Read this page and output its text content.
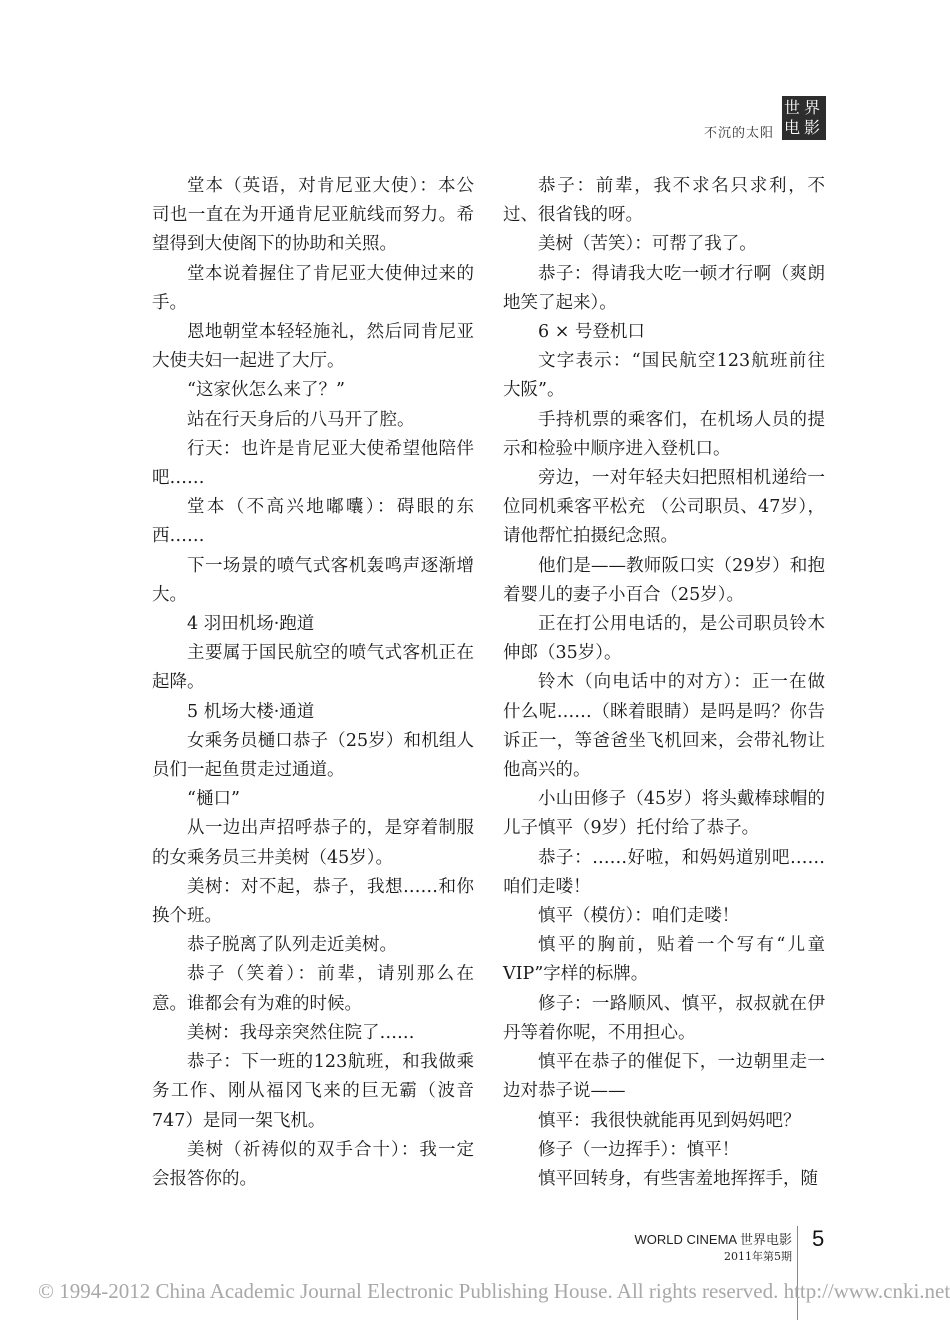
不沉的太阳
世界
电影

堂本（英语，对肯尼亚大使）：本公司也一直在为开通肯尼亚航线而努力。希望得到大使阁下的协助和关照。

堂本说着握住了肯尼亚大使伸过来的手。

恩地朝堂本轻轻施礼，然后同肯尼亚大使夫妇一起进了大厅。

“这家伙怎么来了？”

站在行天身后的八马开了腔。

行天：也许是肯尼亚大使希望他陪伴吧……

堂本（不高兴地嘟囔）：碍眼的东西……

下一场景的喷气式客机轰鸣声逐渐增大。

4 羽田机场·跑道

主要属于国民航空的喷气式客机正在起降。

5 机场大楼·通道

女乘务员樋口恭子（25岁）和机组人员们一起鱼贯走过通道。

“樋口”

从一边出声招呼恭子的，是穿着制服的女乘务员三井美树（45岁）。

美树：对不起，恭子，我想……和你换个班。

恭子脱离了队列走近美树。

恭子（笑着）：前辈，请别那么在意。谁都会有为难的时候。

美树：我母亲突然住院了……

恭子：下一班的123航班，和我做乘务工作、刚从福冈飞来的巨无霸（波音747）是同一架飞机。

美树（祈祷似的双手合十）：我一定会报答你的。

恭子：前辈，我不求名只求利，不过、很省钱的呀。

美树（苦笑）：可帮了我了。

恭子：得请我大吃一顿才行啊（爽朗地笑了起来）。

6 × 号登机口

文字表示：“国民航空123航班前往大阪”。

手持机票的乘客们，在机场人员的提示和检验中顺序进入登机口。

旁边，一对年轻夫妇把照相机递给一位同机乘客平松充 （公司职员、47岁），请他帮忙拍摄纪念照。

他们是——教师阪口实（29岁）和抱着婴儿的妻子小百合（25岁）。

正在打公用电话的，是公司职员铃木伸郎（35岁）。

铃木（向电话中的对方）：正一在做什么呢……（眯着眼睛）是吗是吗？你告诉正一，等爸爸坐飞机回来，会带礼物让他高兴的。

小山田修子（45岁）将头戴棒球帽的儿子慎平（9岁）托付给了恭子。

恭子：……好啦，和妈妈道别吧……咱们走喽！

慎平（模仿）：咱们走喽！

慎平的胸前，贴着一个写有“儿童VIP”字样的标牌。

修子：一路顺风、慎平，叔叔就在伊丹等着你呢，不用担心。

慎平在恭子的催促下，一边朝里走一边对恭子说——

慎平：我很快就能再见到妈妈吧？

修子（一边挥手）：慎平！

慎平回转身，有些害羞地挥挥手，随

WORLD CINEMA 世界电影
2011年第5期
5
© 1994-2012 China Academic Journal Electronic Publishing House. All rights reserved. http://www.cnki.net
